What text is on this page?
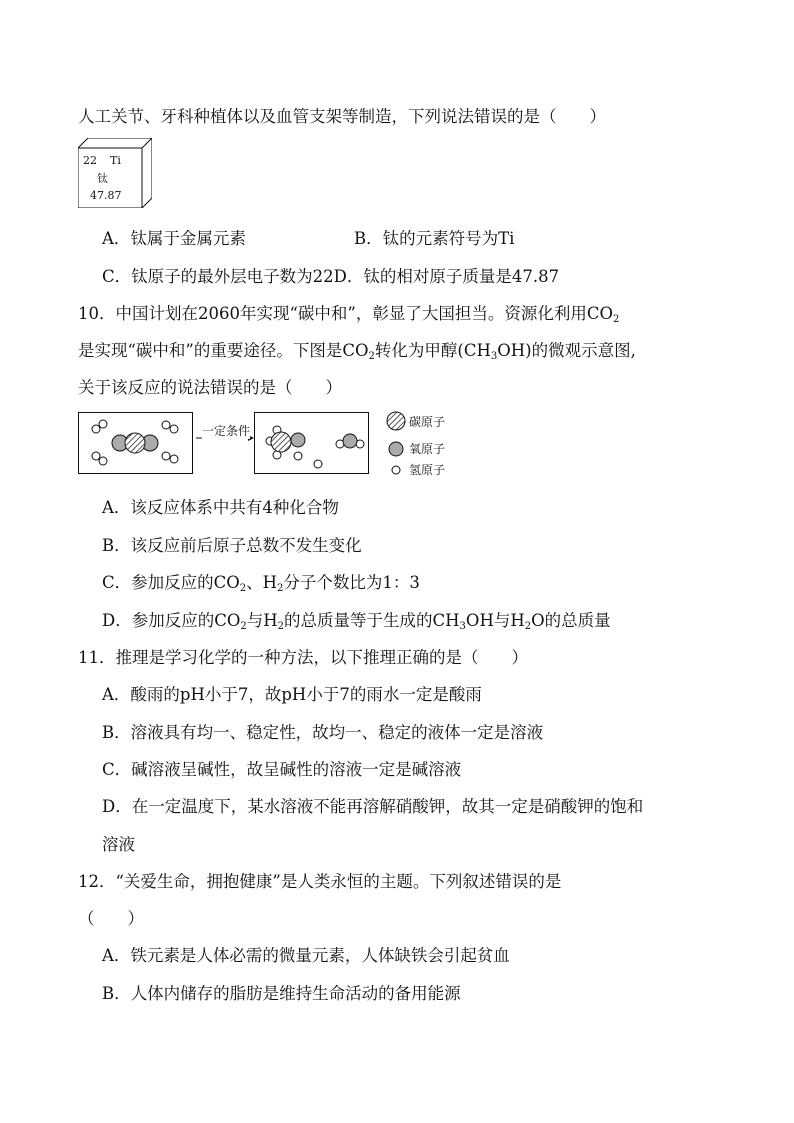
人工关节、牙科种植体以及血管支架等制造，下列说法错误的是（　　）
22 Ti
钛
47.87
A．钛属于金属元素	B．钛的元素符号为Ti
C．钛原子的最外层电子数为22D．钛的相对原子质量是47.87
10．中国计划在2060年实现“碳中和”，彰显了大国担当。资源化利用$CO_2$
是实现“碳中和”的重要途径。下图是$CO_2$转化为甲醇$(CH_3OH)$的微观示意图,
关于该反应的说法错误的是（　　）
一定条件
碳原子
氧原子
氢原子
A．该反应体系中共有4种化合物
B．该反应前后原子总数不发生变化
C．参加反应的$CO_2$、$H_2$分子个数比为1：3
D．参加反应的$CO_2$与$H_2$的总质量等于生成的$CH_3OH$与$H_2O$的总质量
11．推理是学习化学的一种方法，以下推理正确的是（　　）
A．酸雨的pH小于7，故pH小于7的雨水一定是酸雨
B．溶液具有均一、稳定性，故均一、稳定的液体一定是溶液
C．碱溶液呈碱性，故呈碱性的溶液一定是碱溶液
D．在一定温度下，某水溶液不能再溶解硝酸钾，故其一定是硝酸钾的饱和
溶液
12．“关爱生命，拥抱健康”是人类永恒的主题。下列叙述错误的是
（　　）
A．铁元素是人体必需的微量元素，人体缺铁会引起贫血
B．人体内储存的脂肪是维持生命活动的备用能源
